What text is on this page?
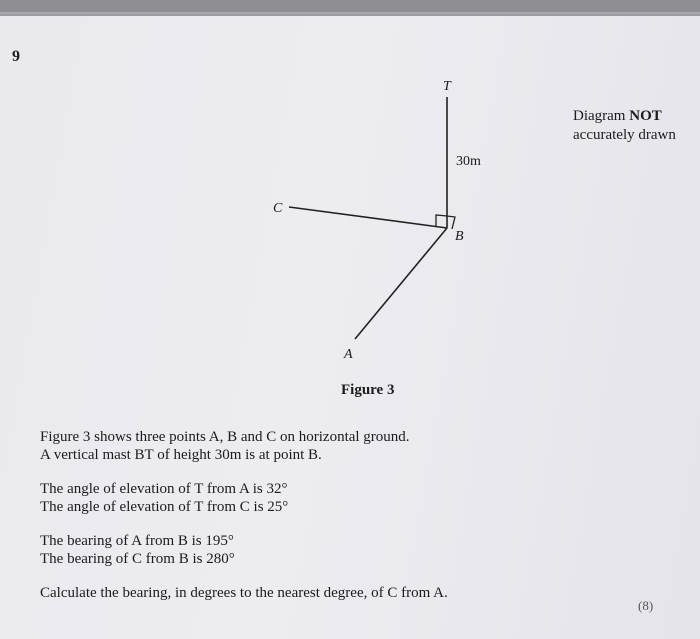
9
Diagram NOT
accurately drawn
T
B
C
A
30m
Figure 3
Figure 3 shows three points A, B and C on horizontal ground.
A vertical mast BT of height 30m is at point B.
The angle of elevation of T from A is 32°
The angle of elevation of T from C is 25°
The bearing of A from B is 195°
The bearing of C from B is 280°
Calculate the bearing, in degrees to the nearest degree, of C from A.
(8)
